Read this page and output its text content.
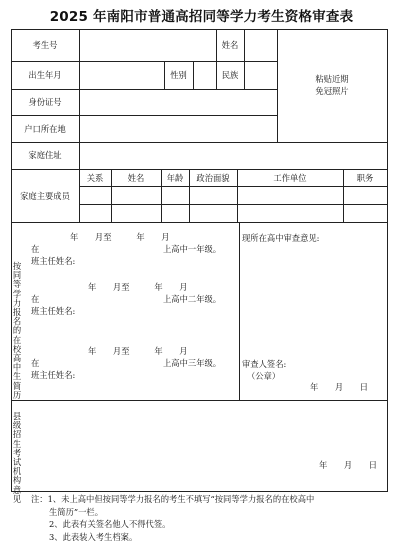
2025 年南阳市普通高招同等学力考生资格审查表
考生号	姓名
出生年月	性别	民族	粘贴近期
免冠照片
身份证号
户口所在地
家庭住址
家庭主要成员
关系	姓名	年龄	政治面貌	工作单位	职务
按同等学力报名的在校高中生简历
年　　月至　　　年　　月
在	上高中一年级。
班主任姓名:
年　　月至　　　年　　月
在	上高中二年级。
班主任姓名:
年　　月至　　　年　　月
在	上高中三年级。
班主任姓名:
现所在高中审查意见:
审查人签名:
（公章）
年　　月　　日
县级招生考试机构意见
年　　月　　日
注：1、未上高中但按同等学力报名的考生不填写“按同等学力报名的在校高中
生简历”一栏。
2、此表有关签名他人不得代签。
3、此表装入考生档案。
